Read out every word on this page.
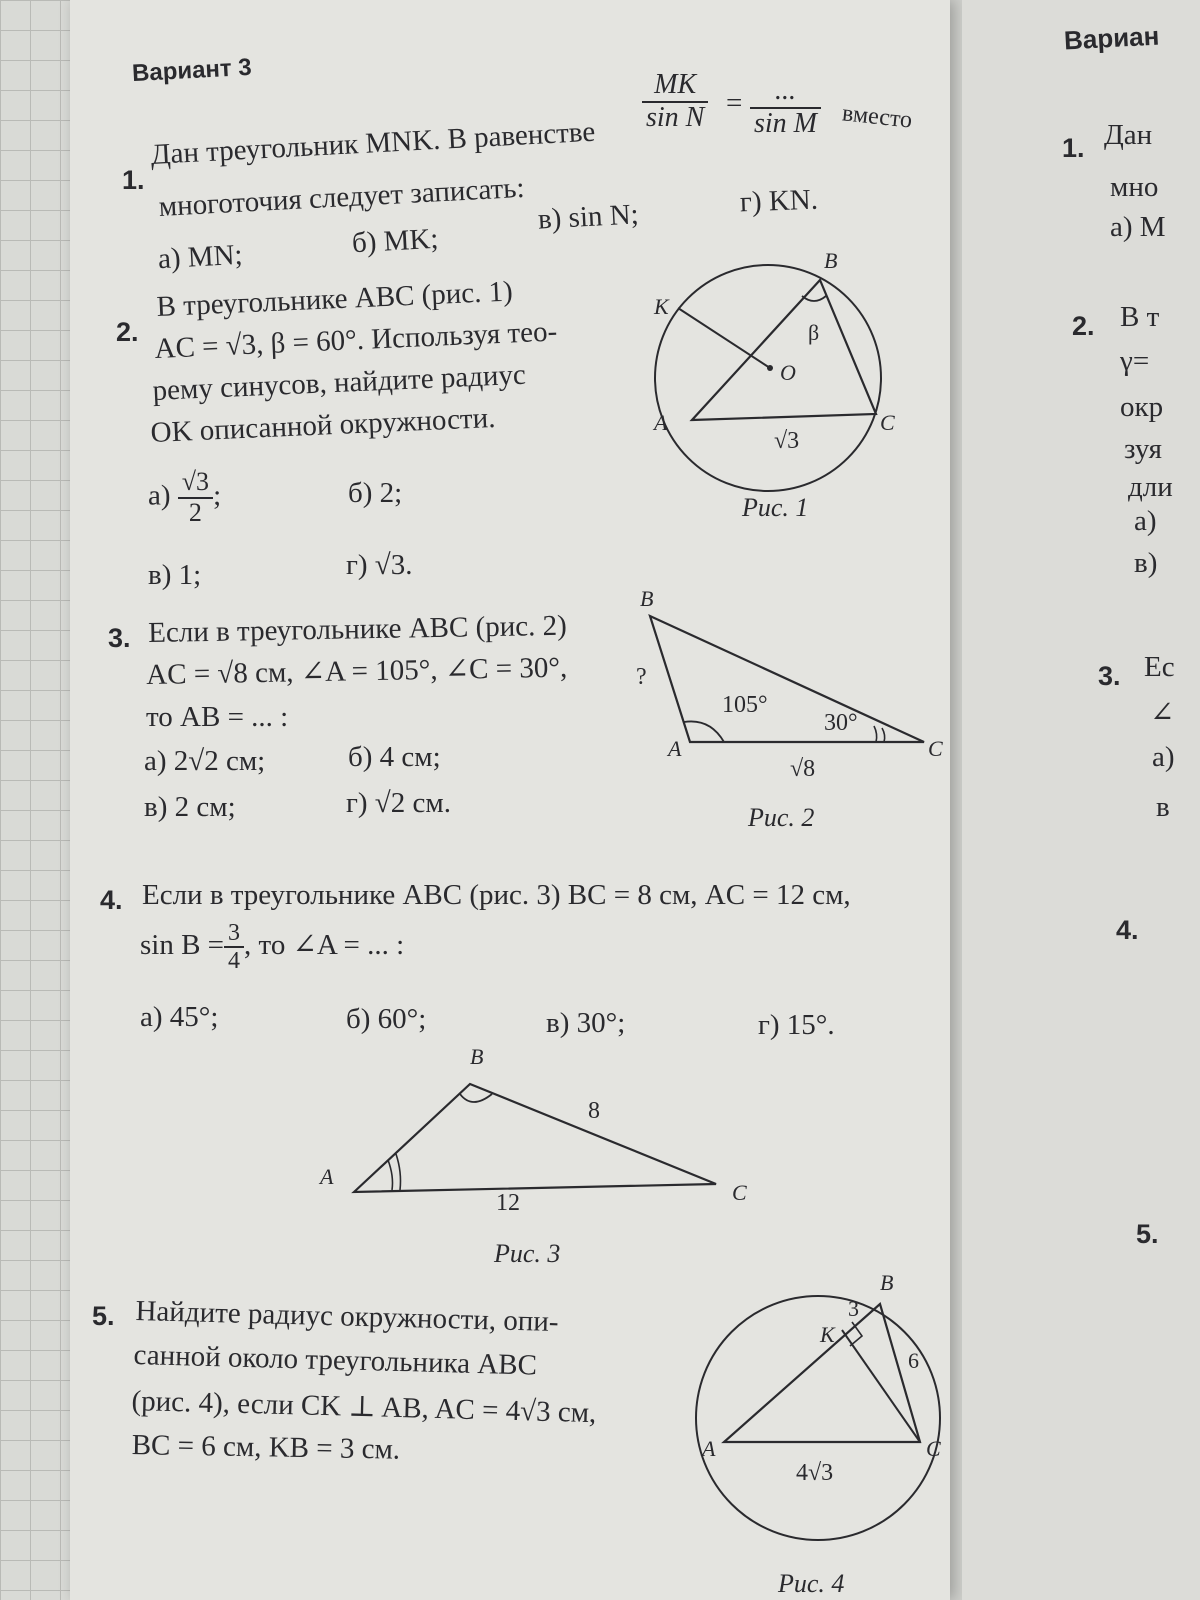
Вариант 3
1.
Дан треугольник MNK. В равенстве
$\frac{MK}{\text{sin N}} = \frac{...}{\text{sin M}}$ вместо
многоточия следует записать:
а) MN;	б) MK;
в) sin N;	г) KN.
2.
В треугольнике ABC (рис. 1)
AC = √3, β = 60°. Используя тео-
рему синусов, найдите радиус
OK описанной окружности.
$а) \frac{√3}{2}$ ;	б) 2;
в) 1;	г) √3.
3. Если в треугольнике ABC (рис. 2)
AC = √8 см, ∠A = 105°, ∠C = 30°,
то AB = ... :
а) 2√2 см;	б) 4 см;
в) 2 см;	г) √2 см.
4. Если в треугольнике ABC (рис. 3) BC = 8 см, AC = 12 см,
$\sin B = \frac{3}{4}$ , то ∠A = ... :
а) 45°;	б) 60°;	в) 30°;	г) 15°.
5. Найдите радиус окружности, опи-
санной около треугольника ABC
(рис. 4), если CK ⊥ AB, AC = 4√3 см,
BC = 6 см, KB = 3 см.
B
K
β
O
A	C
√3
Рис. 1
B
?
105°
30°
A	C
√8
Рис. 2
B
8
A
C
12
Рис. 3
B
3
K
6
A	C
4√3
Рис. 4
Вариан
1. Дан
мно
а) М
2. В т
γ=
окр
зуя
дли
а)
в)
3. Ес
∠
а)
в
4.
5.
